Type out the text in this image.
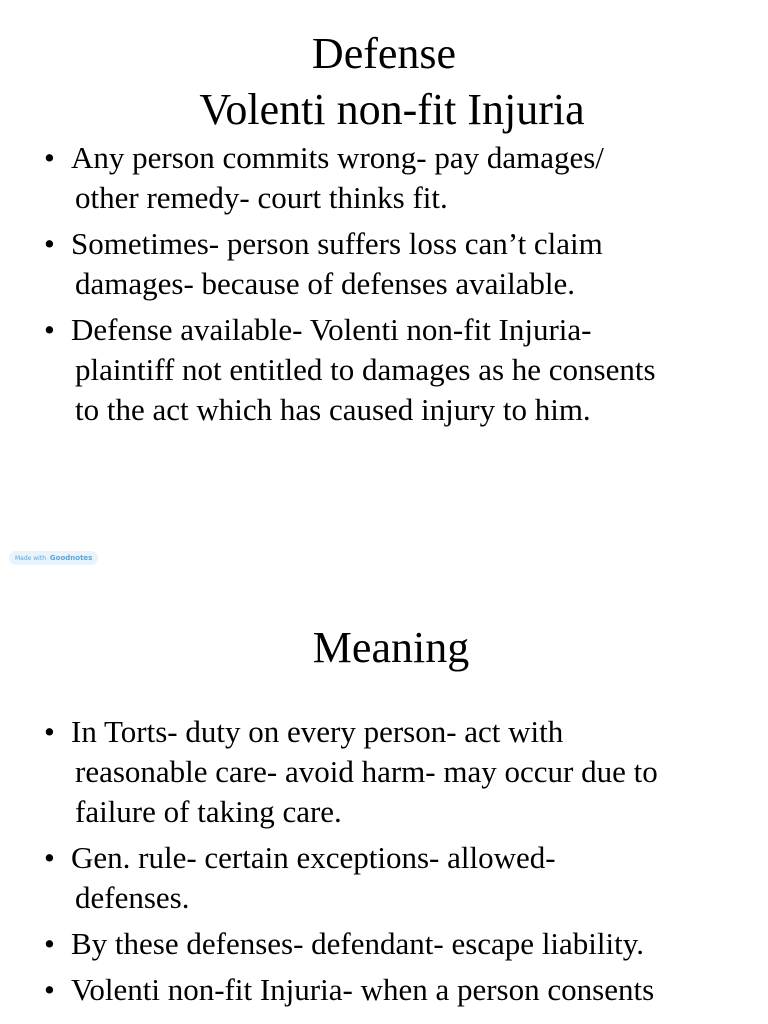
Defense
Volenti non-fit Injuria
• Any person commits wrong- pay damages/
other remedy- court thinks fit.
• Sometimes- person suffers loss can’t claim
damages- because of defenses available.
• Defense available- Volenti non-fit Injuria-
plaintiff not entitled to damages as he consents
to the act which has caused injury to him.
Made with Goodnotes
Meaning
• In Torts- duty on every person- act with
reasonable care- avoid harm- may occur due to
failure of taking care.
• Gen. rule- certain exceptions- allowed-
defenses.
• By these defenses- defendant- escape liability.
• Volenti non-fit Injuria- when a person consents
